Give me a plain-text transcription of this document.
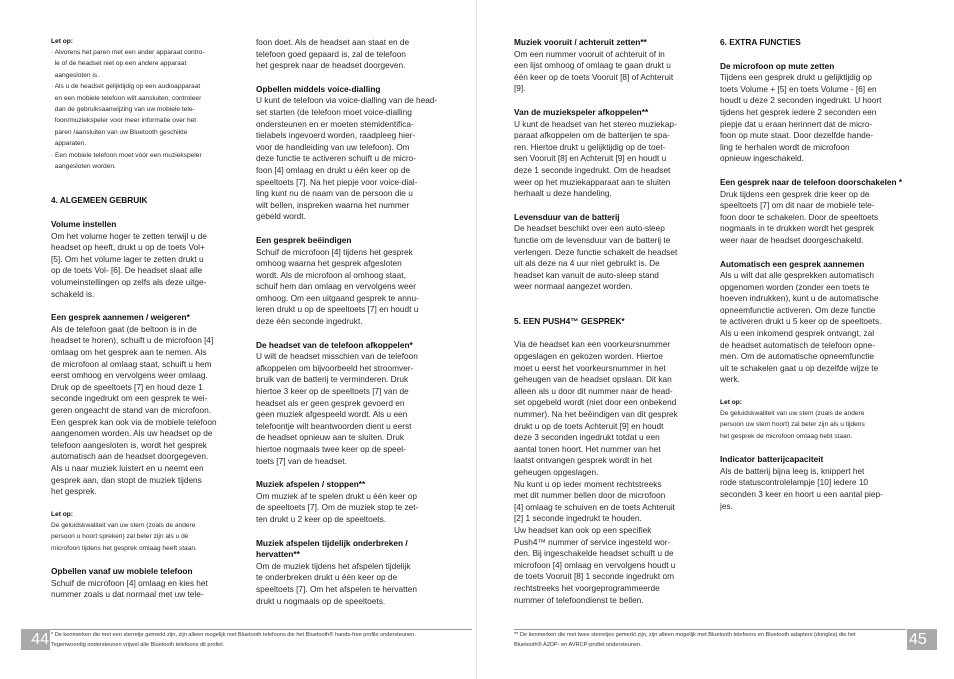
Let op:
· Alvorens het paren met een ander apparaat contro-
le of de headset niet op een andere apparaat
aangesloten is.
· Als u de headset gelijktijdig op een audioapparaat
en een mobiele telefoon wilt aansluiten, controleer
dan de gebruiksaanwijzing van uw mobiele tele-
foon/muziekspeler voor meer informatie over het
paren /aansluiten van uw Bluetooth geschikte
apparaten.
· Een mobiele telefoon moet vóór een muziekspeler
aangesloten worden.

4. ALGEMEEN GEBRUIK

Volume instellen

Om het volume hoger te zetten terwijl u de
headset op heeft, drukt u op de toets Vol+
[5]. Om het volume lager te zetten drukt u
op de toets Vol- [6]. De headset slaat alle
volumeinstellingen op zelfs als deze uitge-
schakeld is.

Een gesprek aannemen / weigeren*

Als de telefoon gaat (de beltoon is in de
headset te horen), schuift u de microfoon [4]
omlaag om het gesprek aan te nemen. Als
de microfoon al omlaag staat, schuift u hem
eerst omhoog en vervolgens weer omlaag.
Druk op de speeltoets [7] en houd deze 1
seconde ingedrukt om een gesprek te wei-
geren ongeacht de stand van de microfoon.
Een gesprek kan ook via de mobiele telefoon
aangenomen worden. Als uw headset op de
telefoon aangesloten is, wordt het gesprek
automatisch aan de headset doorgegeven.
Als u naar muziek luistert en u neemt een
gesprek aan, dan stopt de muziek tijdens
het gesprek.
Let op:
De geluidskwaliteit van uw stem (zoals de andere
persoon u hoort spreken) zal beter zijn als u de
microfoon tijdens het gesprek omlaag heeft staan.

Opbellen vanaf uw mobiele telefoon

Schuif de microfoon [4] omlaag en kies het
nummer zoals u dat normaal met uw tele-
foon doet. Als de headset aan staat en de
telefoon goed gepaard is, zal de telefoon
het gesprek naar de headset doorgeven.

Opbellen middels voice-dialling

U kunt de telefoon via voice-dialling van de head-
set starten (de telefoon moet voice-dialling
ondersteunen en er moeten stemidentifica-
tielabels ingevoerd worden, raadpleeg hier-
voor de handleiding van uw telefoon). Om
deze functie te activeren schuift u de micro-
foon [4] omlaag en drukt u één keer op de
speeltoets [7]. Na het piepje voor voice-dial-
ling kunt nu de naam van de persoon die u
wilt bellen, inspreken waarna het nummer
gebeld wordt.

Een gesprek beëindigen

Schuif de microfoon [4] tijdens het gesprek
omhoog waarna het gesprek afgesloten
wordt. Als de microfoon al omhoog staat,
schuif hem dan omlaag en vervolgens weer
omhoog. Om een uitgaand gesprek te annu-
leren drukt u op de speeltoets [7] en houdt u
deze één seconde ingedrukt.

De headset van de telefoon afkoppelen*

U wilt de headset misschien van de telefoon
afkoppelen om bijvoorbeeld het stroomver-
bruik van de batterij te verminderen. Druk
hiertoe 3 keer op de speeltoets [7] van de
headset als er geen gesprek gevoerd en
geen muziek afgespeeld wordt. Als u een
telefoontje wilt beantwoorden dient u eerst
de headset opnieuw aan te sluiten. Druk
hiertoe nogmaals twee keer op de speel-
toets [7] van de headset.

Muziek afspelen / stoppen**

Om muziek af te spelen drukt u één keer op
de speeltoets [7]. Om de muziek stop te zet-
ten drukt u 2 keer op de speeltoets.
Muziek afspelen tijdelijk onderbreken /
hervatten**
Om de muziek tijdens het afspelen tijdelijk
te onderbreken drukt u één keer op de
speeltoets [7]. Om het afspelen te hervatten
drukt u nogmaals op de speeltoets.

Muziek vooruit / achteruit zetten**

Om een nummer vooruit of achteruit of in
een lijst omhoog of omlaag te gaan drukt u
één keer op de toets Vooruit [8] of Achteruit
[9].

Van de muziekspeler afkoppelen**

U kunt de headset van het stereo muziekap-
paraat afkoppelen om de batterijen te spa-
ren. Hiertoe drukt u gelijktijdig op de toet-
sen Vooruit [8] en Achteruit [9] en houdt u
deze 1 seconde ingedrukt. Om de headset
weer op het muziekapparaat aan te sluiten
herhaalt u deze handeling.

Levensduur van de batterij

De headset beschikt over een auto-sleep
functie om de levensduur van de batterij te
verlengen. Deze functie schakelt de headset
uit als deze na 4 uur niet gebruikt is. De
headset kan vanuit de auto-sleep stand
weer normaal aangezet worden.

5. EEN PUSH4™ GESPREK*

Via de headset kan een voorkeursnummer
opgeslagen en gekozen worden. Hiertoe
moet u eerst het voorkeursnummer in het
geheugen van de headset opslaan. Dit kan
alleen als u door dit nummer naar de head-
set opgebeld wordt (niet door een onbekend
nummer). Na het beëindigen van dit gesprek
drukt u op de toets Achteruit [9] en houdt
deze 3 seconden ingedrukt totdat u een
aantal tonen hoort. Het nummer van het
laatst ontvangen gesprek wordt in het
geheugen opgeslagen.
Nu kunt u op ieder moment rechtstreeks
met dit nummer bellen door de microfoon
[4] omlaag te schuiven en de toets Achteruit
[2] 1 seconde ingedrukt te houden.
Uw headset kan ook op een specifiek
Push4™ nummer of service ingesteld wor-
den. Bij ingeschakelde headset schuift u de
microfoon [4] omlaag en vervolgens houdt u
de toets Vooruit [8] 1 seconde ingedrukt om
rechtstreeks het voorgeprogrammeerde
nummer of telefoondienst te bellen.

6. EXTRA FUNCTIES

De microfoon op mute zetten

Tijdens een gesprek drukt u gelijktijdig op
toets Volume + [5] en toets Volume - [6] en
houdt u deze 2 seconden ingedrukt. U hoort
tijdens het gesprek iedere 2 seconden een
piepje dat u eraan herinnert dat de micro-
foon op mute staat. Door dezelfde hande-
ling te herhalen wordt de microfoon
opnieuw ingeschakeld.

Een gesprek naar de telefoon doorschakelen *

Druk tijdens een gesprek drie keer op de
speeltoets [7] om dit naar de mobiele tele-
foon door te schakelen. Door de speeltoets
nogmaals in te drukken wordt het gesprek
weer naar de headset doorgeschakeld.

Automatisch een gesprek aannemen

Als u wilt dat alle gesprekken automatisch
opgenomen worden (zonder een toets te
hoeven indrukken), kunt u de automatische
opneemfunctie activeren. Om deze functie
te activeren drukt u 5 keer op de speeltoets.
Als u een inkomend gesprek ontvangt, zal
de headset automatisch de telefoon opne-
men. Om de automatische opneemfunctie
uit te schakelen gaat u op dezelfde wijze te
werk.
Let op:
De geluidskwaliteit van uw stem (zoals de andere
persoon uw stem hoort) zal beter zijn als u tijdens
het gesprek de microfoon omlaag hebt staan.

Indicator batterijcapaciteit

Als de batterij bijna leeg is, knippert het
rode statuscontrolelampje [10] iedere 10
seconden 3 keer en hoort u een aantal piep-
jes.
* De kenmerken die met een sterretje gemerkt zijn, zijn alleen mogelijk met Bluetooth telefoons die het Bluetooth® hands-free profile ondersteunen.
Tegenwoordig ondersteunen vrijwel alle Bluetooth telefoons dit profiel.
** De kenmerken die met twee sterretjes gemerkt zijn, zijn alleen mogelijk met Bluetooth telefoons en Bluetooth adapters (dongles) die het
Bluetooth® A2DP- en AVRCP-profiel ondersteunen.
44	45
